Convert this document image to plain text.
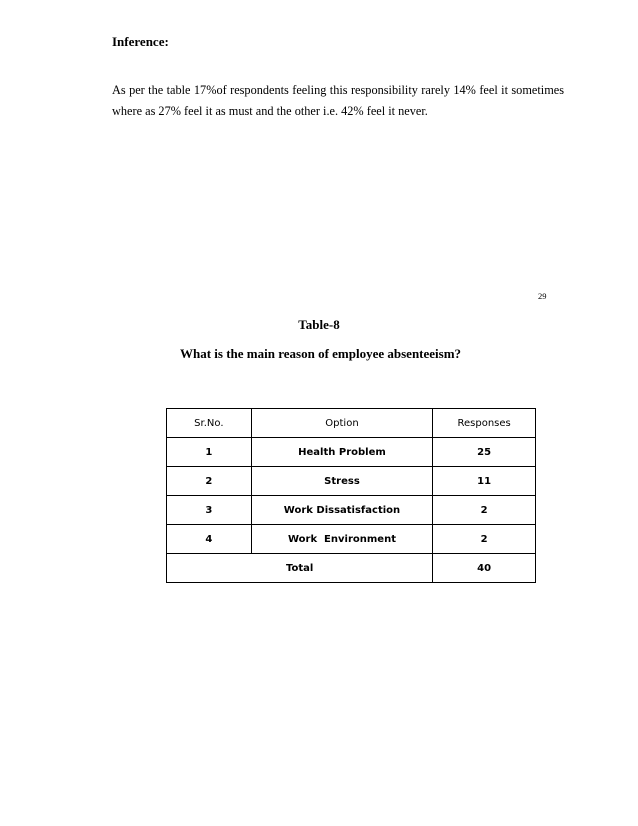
Inference:

As per the table 17%of respondents feeling this responsibility rarely 14% feel it sometimes where as 27% feel it as must and the other i.e. 42% feel it never.

29

Table-8

What is the main reason of employee absenteeism?

Sr.No.	Option	Responses
1	Health Problem	25
2	Stress	11
3	Work Dissatisfaction	2
4	Work  Environment	2
Total		40
